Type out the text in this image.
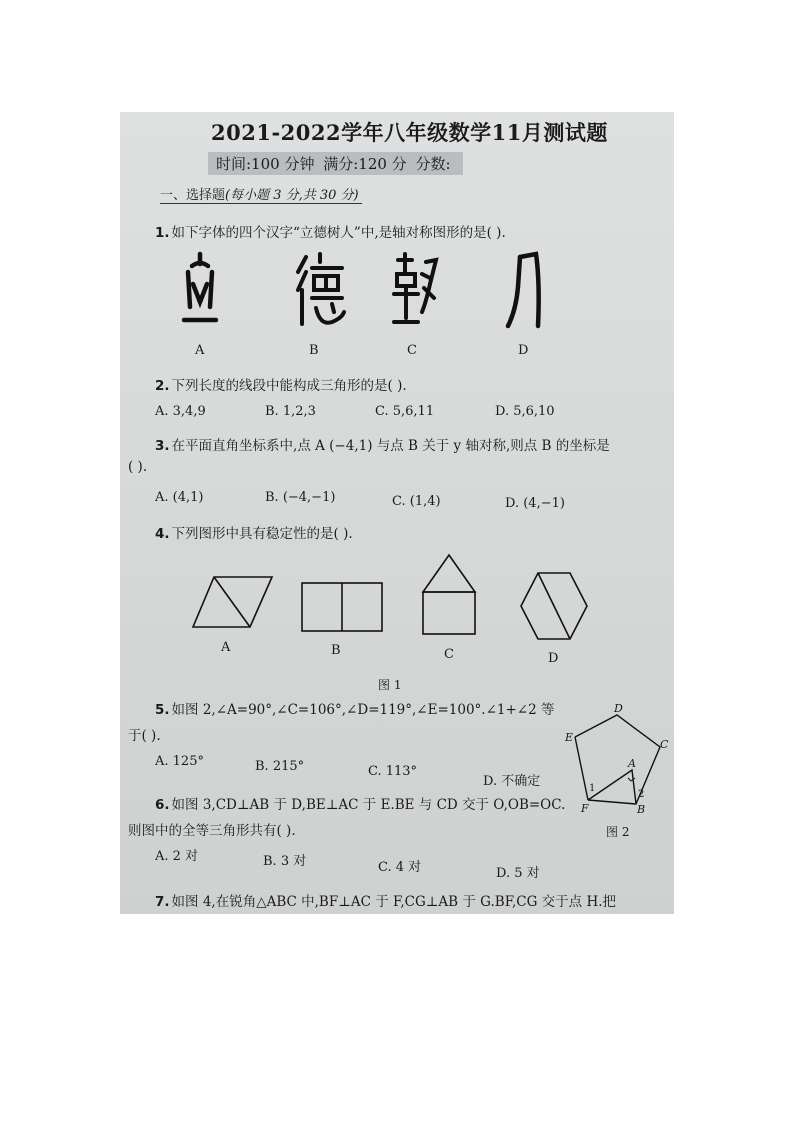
2021-2022学年八年级数学11月测试题
时间:100 分钟 满分:120 分 分数:
一、选择题(每小题 3 分,共 30 分)
1. 如下字体的四个汉字“立德树人”中,是轴对称图形的是( ).
A	B	C	D
2. 下列长度的线段中能构成三角形的是( ).
A. 3,4,9	B. 1,2,3	C. 5,6,11	D. 5,6,10
3. 在平面直角坐标系中,点 A (−4,1) 与点 B 关于 y 轴对称,则点 B 的坐标是
( ).
A. (4,1)	B. (−4,−1)	C. (1,4)	D. (4,−1)
4. 下列图形中具有稳定性的是( ).
A	B	C	D
图 1
5. 如图 2,∠A=90°,∠C=106°,∠D=119°,∠E=100°.∠1+∠2 等
于( ).
A. 125°	B. 215°	C. 113°
D. 不确定
D
E
C
A
F	B
1
2
图 2
6. 如图 3,CD⊥AB 于 D,BE⊥AC 于 E.BE 与 CD 交于 O,OB=OC.
则图中的全等三角形共有( ).
A. 2 对	B. 3 对	C. 4 对	D. 5 对
7. 如图 4,在锐角△ABC 中,BF⊥AC 于 F,CG⊥AB 于 G.BF,CG 交于点 H.把
